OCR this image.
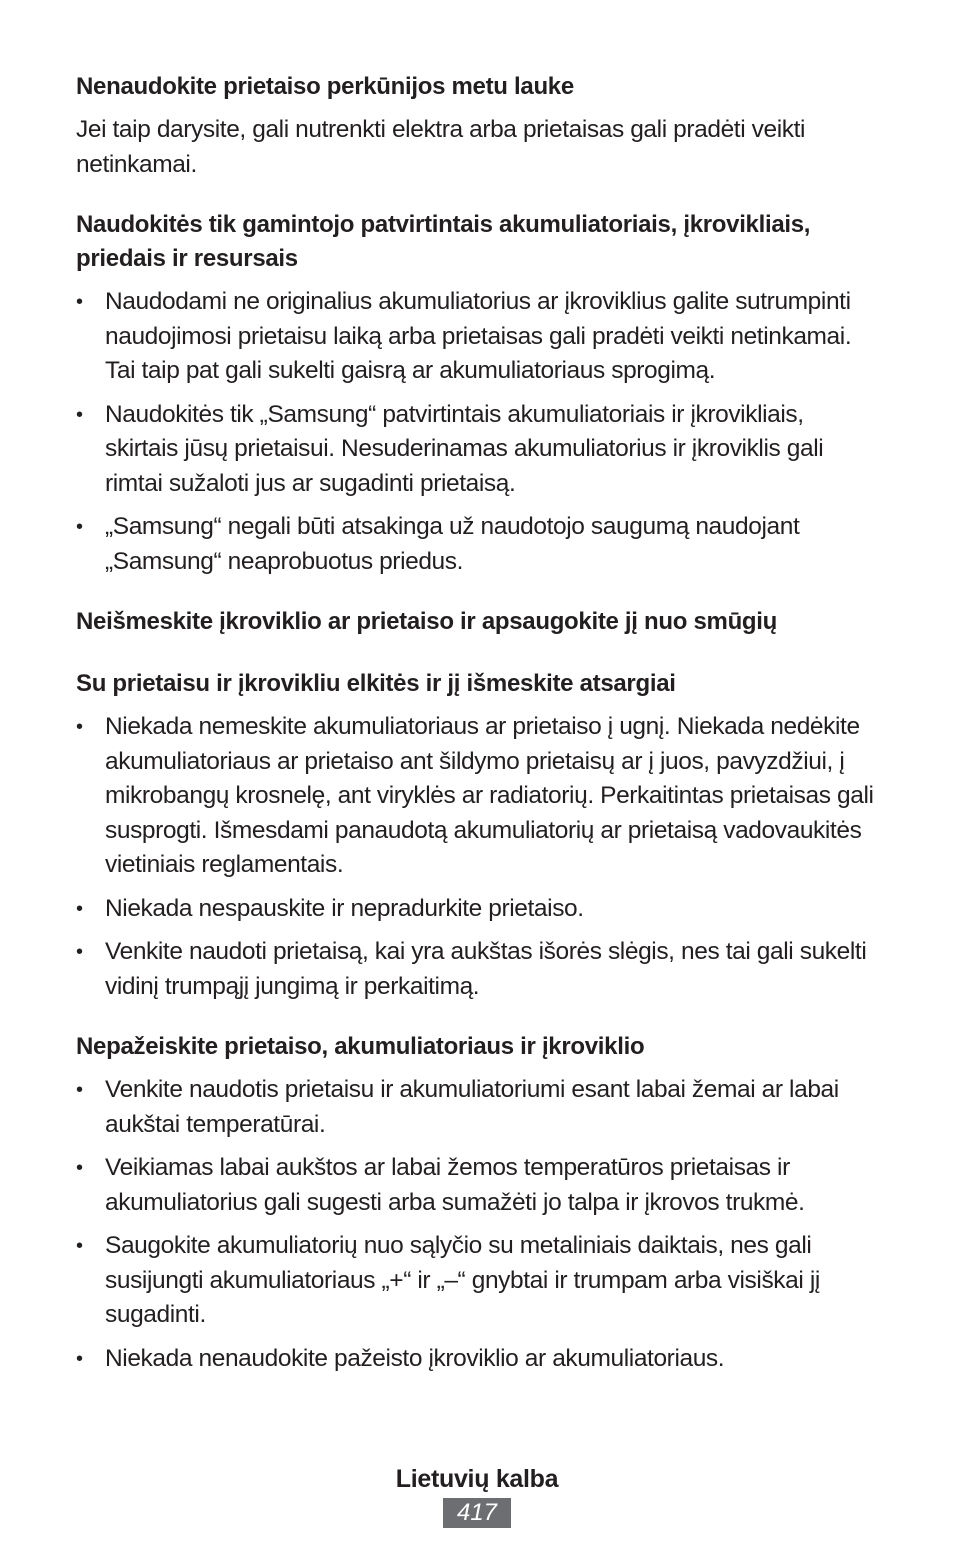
Nenaudokite prietaiso perkūnijos metu lauke

Jei taip darysite, gali nutrenkti elektra arba prietaisas gali pradėti veikti netinkamai.

Naudokitės tik gamintojo patvirtintais akumuliatoriais, įkrovikliais, priedais ir resursais

• Naudodami ne originalius akumuliatorius ar įkroviklius galite sutrumpinti naudojimosi prietaisu laiką arba prietaisas gali pradėti veikti netinkamai. Tai taip pat gali sukelti gaisrą ar akumuliatoriaus sprogimą.
• Naudokitės tik „Samsung“ patvirtintais akumuliatoriais ir įkrovikliais, skirtais jūsų prietaisui. Nesuderinamas akumuliatorius ir įkroviklis gali rimtai sužaloti jus ar sugadinti prietaisą.
• „Samsung“ negali būti atsakinga už naudotojo saugumą naudojant „Samsung“ neaprobuotus priedus.

Neišmeskite įkroviklio ar prietaiso ir apsaugokite jį nuo smūgių

Su prietaisu ir įkrovikliu elkitės ir jį išmeskite atsargiai

• Niekada nemeskite akumuliatoriaus ar prietaiso į ugnį. Niekada nedėkite akumuliatoriaus ar prietaiso ant šildymo prietaisų ar į juos, pavyzdžiui, į mikrobangų krosnelę, ant viryklės ar radiatorių. Perkaitintas prietaisas gali susprogti. Išmesdami panaudotą akumuliatorių ar prietaisą vadovaukitės vietiniais reglamentais.
• Niekada nespauskite ir nepradurkite prietaiso.
• Venkite naudoti prietaisą, kai yra aukštas išorės slėgis, nes tai gali sukelti vidinį trumpąjį jungimą ir perkaitimą.

Nepažeiskite prietaiso, akumuliatoriaus ir įkroviklio

• Venkite naudotis prietaisu ir akumuliatoriumi esant labai žemai ar labai aukštai temperatūrai.
• Veikiamas labai aukštos ar labai žemos temperatūros prietaisas ir akumuliatorius gali sugesti arba sumažėti jo talpa ir įkrovos trukmė.
• Saugokite akumuliatorių nuo sąlyčio su metaliniais daiktais, nes gali susijungti akumuliatoriaus „+“ ir „–“ gnybtai ir trumpam arba visiškai jį sugadinti.
• Niekada nenaudokite pažeisto įkroviklio ar akumuliatoriaus.
Lietuvių kalba
417
